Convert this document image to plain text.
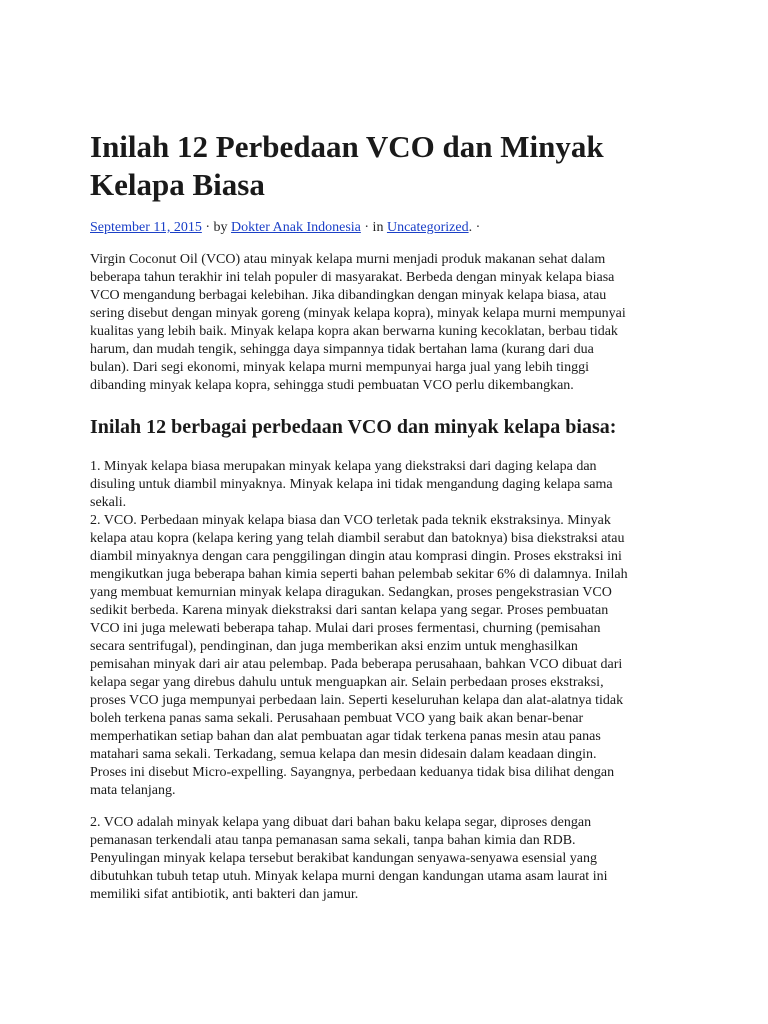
Inilah 12 Perbedaan VCO dan Minyak Kelapa Biasa

September 11, 2015 · by Dokter Anak Indonesia · in Uncategorized. ·

Virgin Coconut Oil (VCO) atau minyak kelapa murni menjadi produk makanan sehat dalam
beberapa tahun terakhir ini telah populer di masyarakat. Berbeda dengan minyak kelapa biasa
VCO mengandung berbagai kelebihan. Jika dibandingkan dengan minyak kelapa biasa, atau
sering disebut dengan minyak goreng (minyak kelapa kopra), minyak kelapa murni mempunyai
kualitas yang lebih baik. Minyak kelapa kopra akan berwarna kuning kecoklatan, berbau tidak
harum, dan mudah tengik, sehingga daya simpannya tidak bertahan lama (kurang dari dua
bulan). Dari segi ekonomi, minyak kelapa murni mempunyai harga jual yang lebih tinggi
dibanding minyak kelapa kopra, sehingga studi pembuatan VCO perlu dikembangkan.
Inilah 12 berbagai perbedaan VCO dan minyak kelapa biasa:
1. Minyak kelapa biasa merupakan minyak kelapa yang diekstraksi dari daging kelapa dan
disuling untuk diambil minyaknya. Minyak kelapa ini tidak mengandung daging kelapa sama
sekali.
2. VCO. Perbedaan minyak kelapa biasa dan VCO terletak pada teknik ekstraksinya. Minyak
kelapa atau kopra (kelapa kering yang telah diambil serabut dan batoknya) bisa diekstraksi atau
diambil minyaknya dengan cara penggilingan dingin atau komprasi dingin. Proses ekstraksi ini
mengikutkan juga beberapa bahan kimia seperti bahan pelembab sekitar 6% di dalamnya. Inilah
yang membuat kemurnian minyak kelapa diragukan. Sedangkan, proses pengekstrasian VCO
sedikit berbeda. Karena minyak diekstraksi dari santan kelapa yang segar. Proses pembuatan
VCO ini juga melewati beberapa tahap. Mulai dari proses fermentasi, churning (pemisahan
secara sentrifugal), pendinginan, dan juga memberikan aksi enzim untuk menghasilkan
pemisahan minyak dari air atau pelembap. Pada beberapa perusahaan, bahkan VCO dibuat dari
kelapa segar yang direbus dahulu untuk menguapkan air. Selain perbedaan proses ekstraksi,
proses VCO juga mempunyai perbedaan lain. Seperti keseluruhan kelapa dan alat-alatnya tidak
boleh terkena panas sama sekali. Perusahaan pembuat VCO yang baik akan benar-benar
memperhatikan setiap bahan dan alat pembuatan agar tidak terkena panas mesin atau panas
matahari sama sekali. Terkadang, semua kelapa dan mesin didesain dalam keadaan dingin.
Proses ini disebut Micro-expelling. Sayangnya, perbedaan keduanya tidak bisa dilihat dengan
mata telanjang.
2. VCO adalah minyak kelapa yang dibuat dari bahan baku kelapa segar, diproses dengan
pemanasan terkendali atau tanpa pemanasan sama sekali, tanpa bahan kimia dan RDB.
Penyulingan minyak kelapa tersebut berakibat kandungan senyawa-senyawa esensial yang
dibutuhkan tubuh tetap utuh. Minyak kelapa murni dengan kandungan utama asam laurat ini
memiliki sifat antibiotik, anti bakteri dan jamur.
